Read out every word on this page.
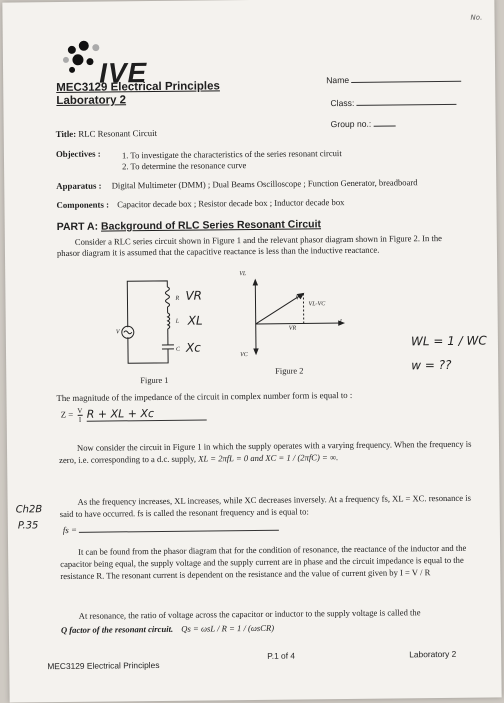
No.
IVE
MEC3129 Electrical Principles
Laboratory 2
Name
Class:
Group no.:
Title: RLC Resonant Circuit
Objectives : 1. To investigate the characteristics of the series resonant circuit
2. To determine the resonance curve
Apparatus : Digital Multimeter (DMM) ; Dual Beams Oscilloscope ; Function Generator, breadboard
Components : Capacitor decade box ; Resistor decade box ; Inductor decade box
PART A: Background of RLC Series Resonant Circuit
Consider a RLC series circuit shown in Figure 1 and the relevant phasor diagram shown in Figure 2. In the phasor diagram it is assumed that the capacitive reactance is less than the inductive reactance.
V
R
L
C
VR
XL
Xc
Figure 1
VL
VC
V
VL-VC
VR
I
Figure 2
WL = 1 / WC
w = ??
The magnitude of the impedance of the circuit in complex number form is equal to :
$Z = \frac{V}{I}$ R + XL + Xc
Now consider the circuit in Figure 1 in which the supply operates with a varying frequency. When the frequency is zero, i.e. corresponding to a d.c. supply, XL = 2πfL = 0 and XC = 1 / (2πfC) = ∞.
Ch2B
P.35
As the frequency increases, XL increases, while XC decreases inversely. At a frequency fs, XL = XC. resonance is said to have occurred. fs is called the resonant frequency and is equal to:
fs =
It can be found from the phasor diagram that for the condition of resonance, the reactance of the inductor and the capacitor being equal, the supply voltage and the supply current are in phase and the circuit impedance is equal to the resistance R. The resonant current is dependent on the resistance and the value of current given by I = V / R
At resonance, the ratio of voltage across the capacitor or inductor to the supply voltage is called the
Q factor of the resonant circuit. Qs = ωsL / R = 1 / (ωsCR)
MEC3129 Electrical Principles
P.1 of 4	Laboratory 2
